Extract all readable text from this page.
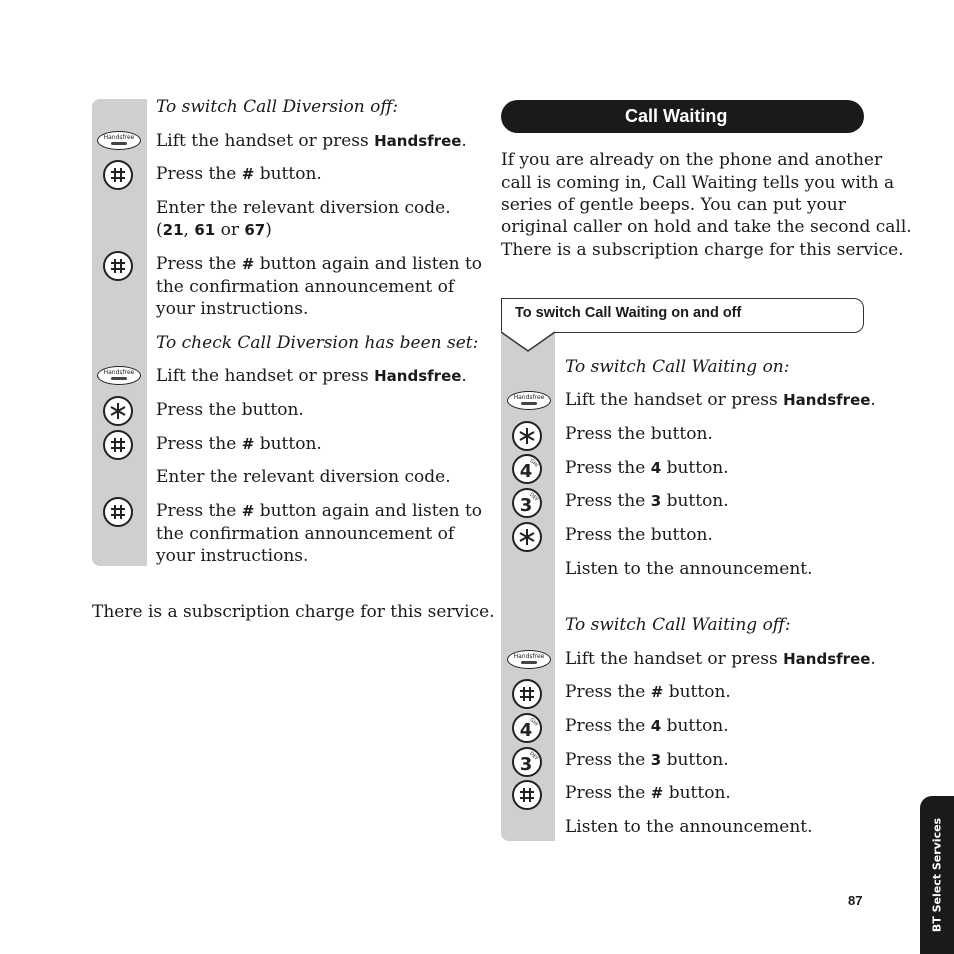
To switch Call Diversion off:
Handsfree	Lift the handset or press Handsfree.
Press the # button.
Enter the relevant diversion code.
(21, 61 or 67)
Press the # button again and listen to
the confirmation announcement of
your instructions.
To check Call Diversion has been set:
Handsfree	Lift the handset or press Handsfree.
Press the button.
Press the # button.
Enter the relevant diversion code.
Press the # button again and listen to
the confirmation announcement of
your instructions.
There is a subscription charge for this service.
Call Waiting
If you are already on the phone and another
call is coming in, Call Waiting tells you with a
series of gentle beeps. You can put your
original caller on hold and take the second call.
There is a subscription charge for this service.
To switch Call Waiting on and off
To switch Call Waiting on:
Handsfree	Lift the handset or press Handsfree.
Press the button.
4
GHI Press the 4 button.
3
DEF Press the 3 button.
Press the button.
Listen to the announcement.
To switch Call Waiting off:
Handsfree	Lift the handset or press Handsfree.
Press the # button.
4
GHI Press the 4 button.
3
DEF Press the 3 button.
Press the # button.
Listen to the announcement.
87	BT Select Services
